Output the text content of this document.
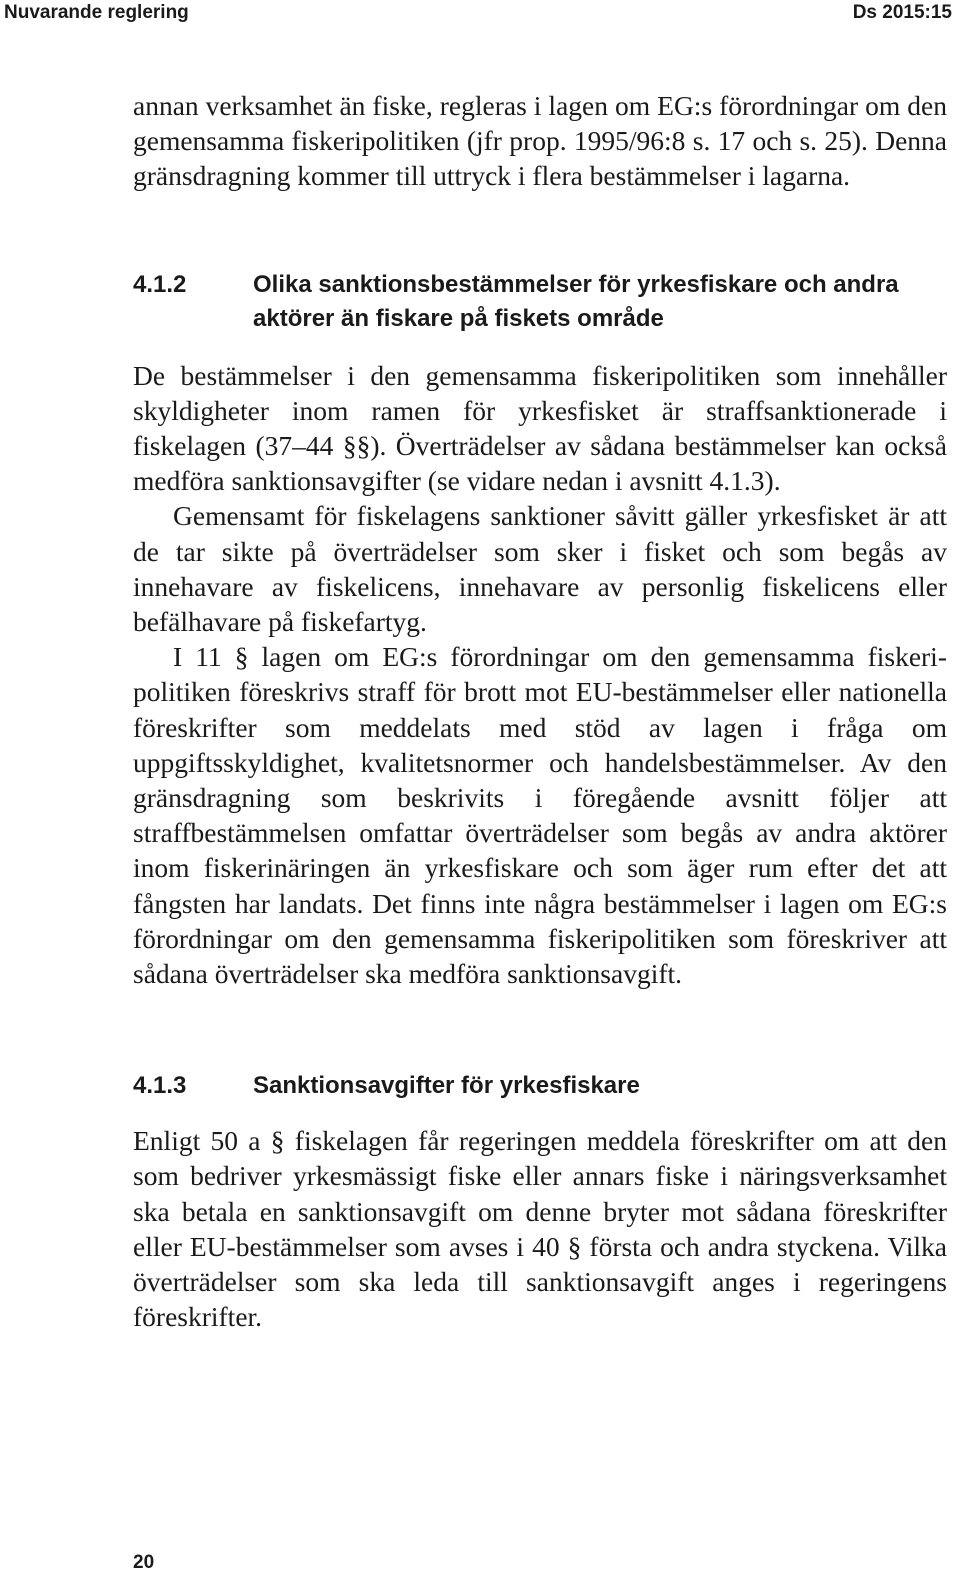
Nuvarande reglering	Ds 2015:15

annan verksamhet än fiske, regleras i lagen om EG:s förordningar om den gemensamma fiskeripolitiken (jfr prop. 1995/96:8 s. 17 och s. 25). Denna gränsdragning kommer till uttryck i flera bestämmelser i lagarna.

4.1.2	Olika sanktionsbestämmelser för yrkesfiskare och andra aktörer än fiskare på fiskets område

De bestämmelser i den gemensamma fiskeripolitiken som innehåller skyldigheter inom ramen för yrkesfisket är straffsanktionerade i fiskelagen (37–44 §§). Överträdelser av sådana bestämmelser kan också medföra sanktionsavgifter (se vidare nedan i avsnitt 4.1.3).

Gemensamt för fiskelagens sanktioner såvitt gäller yrkesfisket är att de tar sikte på överträdelser som sker i fisket och som begås av innehavare av fiskelicens, innehavare av personlig fiskelicens eller befälhavare på fiskefartyg.

I 11 § lagen om EG:s förordningar om den gemensamma fiskeripolitiken föreskrivs straff för brott mot EU-bestämmelser eller nationella föreskrifter som meddelats med stöd av lagen i fråga om uppgiftsskyldighet, kvalitetsnormer och handelsbestämmelser. Av den gränsdragning som beskrivits i föregående avsnitt följer att straffbestämmelsen omfattar överträdelser som begås av andra aktörer inom fiskerinäringen än yrkesfiskare och som äger rum efter det att fångsten har landats. Det finns inte några bestämmelser i lagen om EG:s förordningar om den gemensamma fiskeripolitiken som föreskriver att sådana överträdelser ska medföra sanktionsavgift.

4.1.3	Sanktionsavgifter för yrkesfiskare

Enligt 50 a § fiskelagen får regeringen meddela föreskrifter om att den som bedriver yrkesmässigt fiske eller annars fiske i näringsverksamhet ska betala en sanktionsavgift om denne bryter mot sådana föreskrifter eller EU-bestämmelser som avses i 40 § första och andra styckena. Vilka överträdelser som ska leda till sanktionsavgift anges i regeringens föreskrifter.

20
